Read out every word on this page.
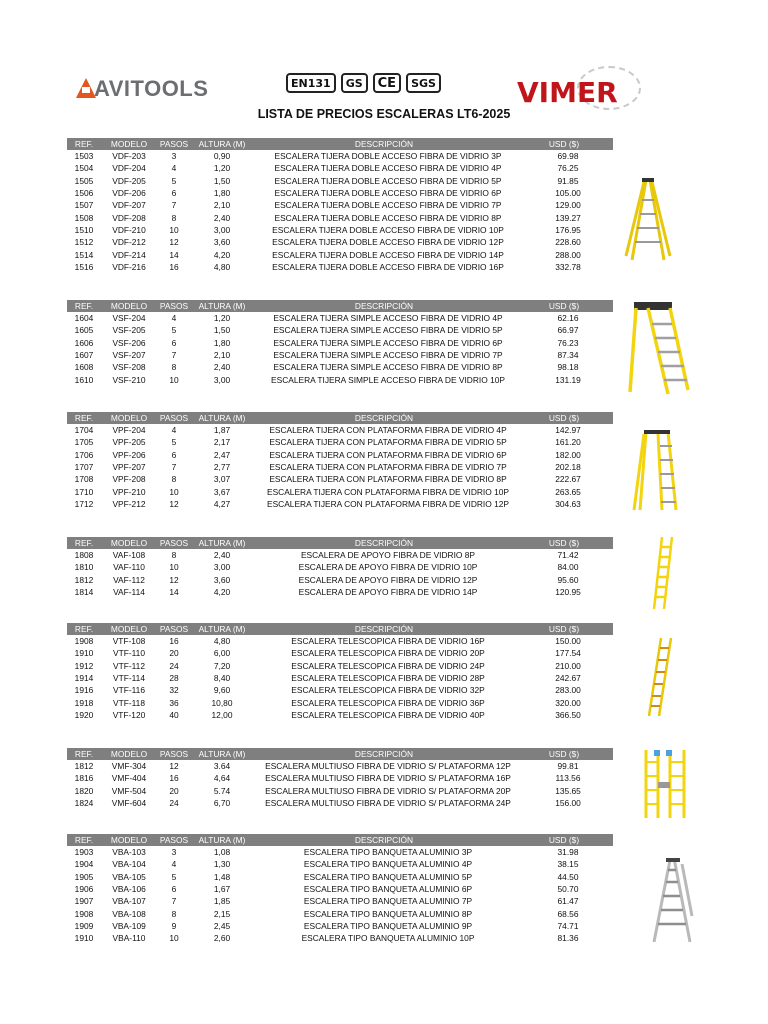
AVITOOLS	EN131	GS	CE	SGS	VIMER
LISTA DE PRECIOS ESCALERAS LT6-2025
REF.	MODELO	PASOS	ALTURA (M)	DESCRIPCIÓN	USD ($)
1503	VDF-203	3	0,90	ESCALERA TIJERA DOBLE ACCESO FIBRA DE VIDRIO 3P	69.98
1504	VDF-204	4	1,20	ESCALERA TIJERA DOBLE ACCESO FIBRA DE VIDRIO 4P	76.25
1505	VDF-205	5	1,50	ESCALERA TIJERA DOBLE ACCESO FIBRA DE VIDRIO 5P	91.85
1506	VDF-206	6	1,80	ESCALERA TIJERA DOBLE ACCESO FIBRA DE VIDRIO 6P	105.00
1507	VDF-207	7	2,10	ESCALERA TIJERA DOBLE ACCESO FIBRA DE VIDRIO 7P	129.00
1508	VDF-208	8	2,40	ESCALERA TIJERA DOBLE ACCESO FIBRA DE VIDRIO 8P	139.27
1510	VDF-210	10	3,00	ESCALERA TIJERA DOBLE ACCESO FIBRA DE VIDRIO 10P	176.95
1512	VDF-212	12	3,60	ESCALERA TIJERA DOBLE ACCESO FIBRA DE VIDRIO 12P	228.60
1514	VDF-214	14	4,20	ESCALERA TIJERA DOBLE ACCESO FIBRA DE VIDRIO 14P	288.00
1516	VDF-216	16	4,80	ESCALERA TIJERA DOBLE ACCESO FIBRA DE VIDRIO 16P	332.78
REF.	MODELO	PASOS	ALTURA (M)	DESCRIPCIÓN	USD ($)
1604	VSF-204	4	1,20	ESCALERA TIJERA SIMPLE ACCESO FIBRA DE VIDRIO 4P	62.16
1605	VSF-205	5	1,50	ESCALERA TIJERA SIMPLE ACCESO FIBRA DE VIDRIO 5P	66.97
1606	VSF-206	6	1,80	ESCALERA TIJERA SIMPLE ACCESO FIBRA DE VIDRIO 6P	76.23
1607	VSF-207	7	2,10	ESCALERA TIJERA SIMPLE ACCESO FIBRA DE VIDRIO 7P	87.34
1608	VSF-208	8	2,40	ESCALERA TIJERA SIMPLE ACCESO FIBRA DE VIDRIO 8P	98.18
1610	VSF-210	10	3,00	ESCALERA TIJERA SIMPLE ACCESO FIBRA DE VIDRIO 10P	131.19
REF.	MODELO	PASOS	ALTURA (M)	DESCRIPCIÓN	USD ($)
1704	VPF-204	4	1,87	ESCALERA TIJERA CON PLATAFORMA FIBRA DE VIDRIO 4P	142.97
1705	VPF-205	5	2,17	ESCALERA TIJERA CON PLATAFORMA FIBRA DE VIDRIO 5P	161.20
1706	VPF-206	6	2,47	ESCALERA TIJERA CON PLATAFORMA FIBRA DE VIDRIO 6P	182.00
1707	VPF-207	7	2,77	ESCALERA TIJERA CON PLATAFORMA FIBRA DE VIDRIO 7P	202.18
1708	VPF-208	8	3,07	ESCALERA TIJERA CON PLATAFORMA FIBRA DE VIDRIO 8P	222.67
1710	VPF-210	10	3,67	ESCALERA TIJERA CON PLATAFORMA FIBRA DE VIDRIO 10P	263.65
1712	VPF-212	12	4,27	ESCALERA TIJERA CON PLATAFORMA FIBRA DE VIDRIO 12P	304.63
REF.	MODELO	PASOS	ALTURA (M)	DESCRIPCIÓN	USD ($)
1808	VAF-108	8	2,40	ESCALERA DE APOYO FIBRA DE VIDRIO 8P	71.42
1810	VAF-110	10	3,00	ESCALERA DE APOYO FIBRA DE VIDRIO 10P	84.00
1812	VAF-112	12	3,60	ESCALERA DE APOYO FIBRA DE VIDRIO 12P	95.60
1814	VAF-114	14	4,20	ESCALERA DE APOYO FIBRA DE VIDRIO 14P	120.95
REF.	MODELO	PASOS	ALTURA (M)	DESCRIPCIÓN	USD ($)
1908	VTF-108	16	4,80	ESCALERA TELESCOPICA FIBRA DE VIDRIO 16P	150.00
1910	VTF-110	20	6,00	ESCALERA TELESCOPICA FIBRA DE VIDRIO 20P	177.54
1912	VTF-112	24	7,20	ESCALERA TELESCOPICA FIBRA DE VIDRIO 24P	210.00
1914	VTF-114	28	8,40	ESCALERA TELESCOPICA FIBRA DE VIDRIO 28P	242.67
1916	VTF-116	32	9,60	ESCALERA TELESCOPICA FIBRA DE VIDRIO 32P	283.00
1918	VTF-118	36	10,80	ESCALERA TELESCOPICA FIBRA DE VIDRIO 36P	320.00
1920	VTF-120	40	12,00	ESCALERA TELESCOPICA FIBRA DE VIDRIO 40P	366.50
REF.	MODELO	PASOS	ALTURA (M)	DESCRIPCIÓN	USD ($)
1812	VMF-304	12	3.64	ESCALERA MULTIUSO FIBRA DE VIDRIO S/ PLATAFORMA 12P	99.81
1816	VMF-404	16	4,64	ESCALERA MULTIUSO FIBRA DE VIDRIO S/ PLATAFORMA 16P	113.56
1820	VMF-504	20	5.74	ESCALERA MULTIUSO FIBRA DE VIDRIO S/ PLATAFORMA 20P	135.65
1824	VMF-604	24	6,70	ESCALERA MULTIUSO FIBRA DE VIDRIO S/ PLATAFORMA 24P	156.00
REF.	MODELO	PASOS	ALTURA (M)	DESCRIPCIÓN	USD ($)
1903	VBA-103	3	1,08	ESCALERA TIPO BANQUETA ALUMINIO 3P	31.98
1904	VBA-104	4	1,30	ESCALERA TIPO BANQUETA ALUMINIO 4P	38.15
1905	VBA-105	5	1,48	ESCALERA TIPO BANQUETA ALUMINIO 5P	44.50
1906	VBA-106	6	1,67	ESCALERA TIPO BANQUETA ALUMINIO 6P	50.70
1907	VBA-107	7	1,85	ESCALERA TIPO BANQUETA ALUMINIO 7P	61.47
1908	VBA-108	8	2,15	ESCALERA TIPO BANQUETA ALUMINIO 8P	68.56
1909	VBA-109	9	2,45	ESCALERA TIPO BANQUETA ALUMINIO 9P	74.71
1910	VBA-110	10	2,60	ESCALERA TIPO BANQUETA ALUMINIO 10P	81.36
